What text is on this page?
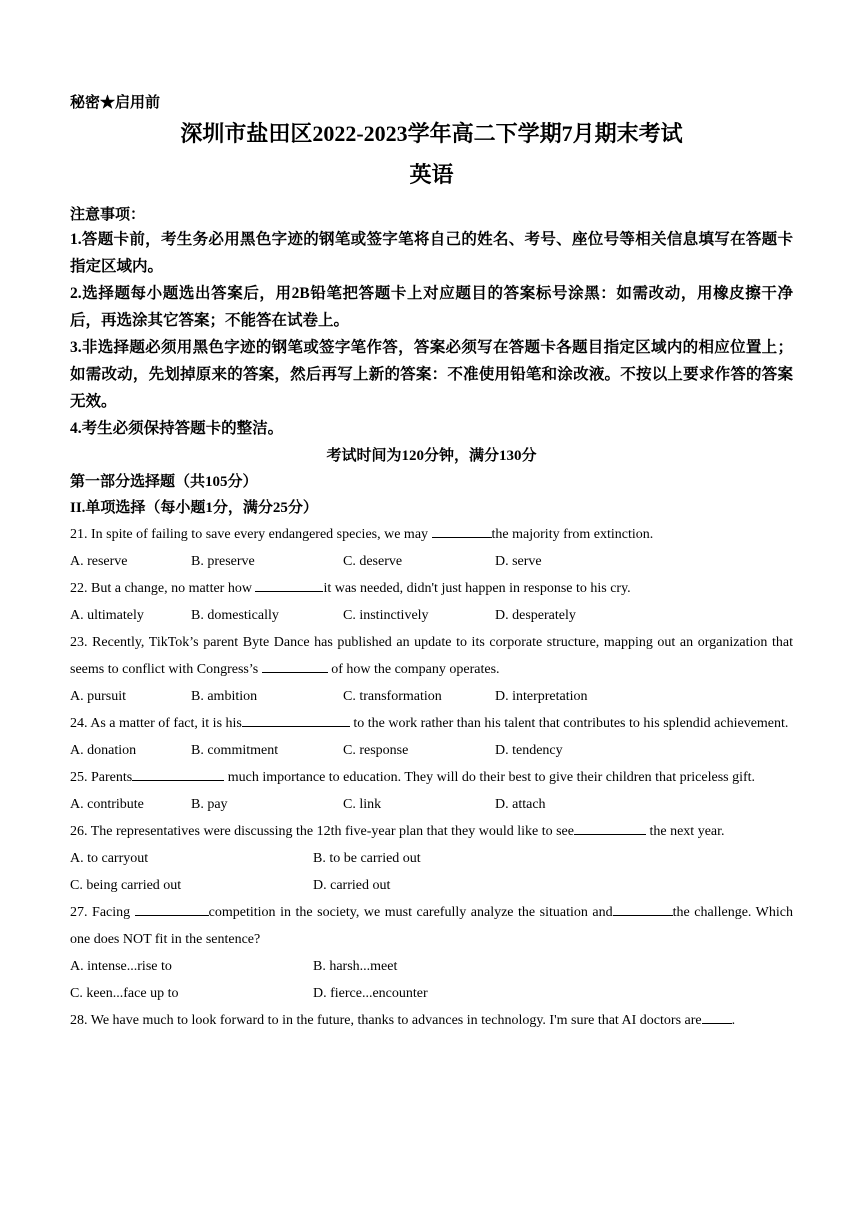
秘密★启用前
深圳市盐田区2022-2023学年高二下学期7月期末考试
英语
注意事项：
1.答题卡前，考生务必用黑色字迹的钢笔或签字笔将自己的姓名、考号、座位号等相关信息填写在答题卡指定区域内。
2.选择题每小题选出答案后，用2B铅笔把答题卡上对应题目的答案标号涂黑：如需改动，用橡皮擦干净后，再选涂其它答案；不能答在试卷上。
3.非选择题必须用黑色字迹的钢笔或签字笔作答，答案必须写在答题卡各题目指定区域内的相应位置上；如需改动，先划掉原来的答案，然后再写上新的答案：不准使用铅笔和涂改液。不按以上要求作答的答案无效。
4.考生必须保持答题卡的整洁。
考试时间为120分钟，满分130分
第一部分选择题（共105分）
II.单项选择（每小题1分，满分25分）
21. In spite of failing to save every endangered species, we may	the majority from extinction.
A. reserve	B. preserve	C. deserve	D. serve
22. But a change, no matter how	it was needed, didn't just happen in response to his cry.
A. ultimately	B. domestically	C. instinctively	D. desperately
23. Recently, TikTok’s parent Byte Dance has published an update to its corporate structure, mapping out an organization that seems to conflict with Congress’s	of how the company operates.
A. pursuit	B. ambition	C. transformation	D. interpretation
24. As a matter of fact, it is his	to the work rather than his talent that contributes to his splendid achievement.
A. donation	B. commitment	C. response	D. tendency
25. Parents	much importance to education. They will do their best to give their children that priceless gift.
A. contribute	B. pay	C. link	D. attach
26. The representatives were discussing the 12th five-year plan that they would like to see	the next year.
A. to carryout	B. to be carried out
C. being carried out	D. carried out
27. Facing	competition in the society, we must carefully analyze the situation and	the challenge. Which one does NOT fit in the sentence?
A. intense...rise to	B. harsh...meet
C. keen...face up to	D. fierce...encounter
28. We have much to look forward to in the future, thanks to advances in technology. I'm sure that AI doctors are .
